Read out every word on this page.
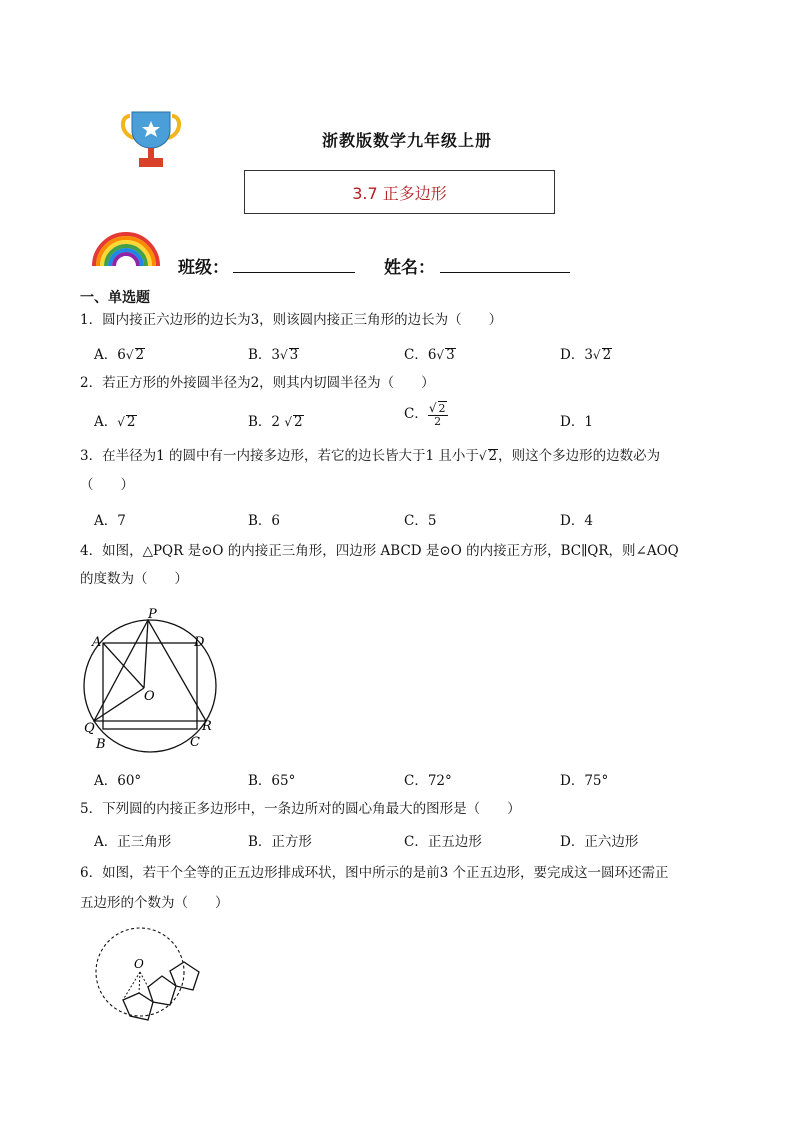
浙教版数学九年级上册
3.7 正多边形
班级：	姓名：
一、单选题
1．圆内接正六边形的边长为3，则该圆内接正三角形的边长为（　　）
A．6√ 2	B．3√ 3	C．6√ 3	D．3√ 2
2．若正方形的外接圆半径为2，则其内切圆半径为（　　）
A．√ 2	B．2 √ 2	C． $\frac{√ 2}{2}$	D．1
3．在半径为1 的圆中有一内接多边形，若它的边长皆大于1 且小于√ 2，则这个多边形的边数必为
（　　）
A．7	B．6	C．5	D．4
4．如图，△PQR 是⊙O 的内接正三角形，四边形 ABCD 是⊙O 的内接正方形，BC∥QR，则∠AOQ
的度数为（　　）
P
A	D
O
Q	R
B	C
A．60°	B．65°	C．72°	D．75°
5．下列圆的内接正多边形中，一条边所对的圆心角最大的图形是（　　）
A．正三角形	B．正方形	C．正五边形	D．正六边形
6．如图，若干个全等的正五边形排成环状，图中所示的是前3 个正五边形，要完成这一圆环还需正
五边形的个数为（　　）
O
